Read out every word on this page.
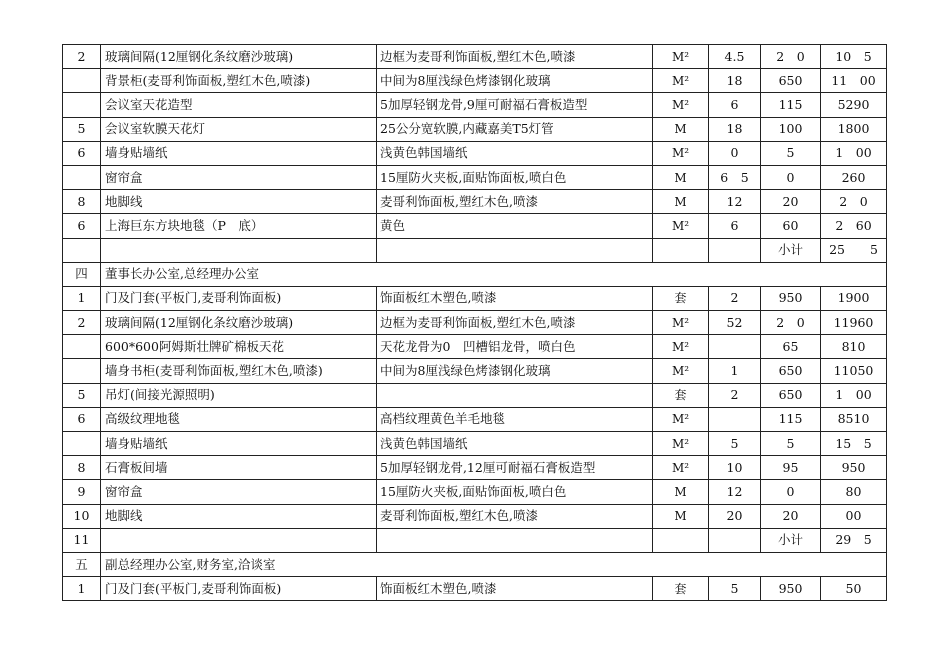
2	玻璃间隔(12厘钢化条纹磨沙玻璃)	边框为麦哥利饰面板,塑红木色,喷漆	M²	4.5	2　0	10　5
	背景柜(麦哥利饰面板,塑红木色,喷漆)	中间为8厘浅绿色烤漆钢化玻璃	M²	18	650	11　00
	会议室天花造型	5加厚轻钢龙骨,9厘可耐福石膏板造型	M²	6	115	5290
5	会议室软膜天花灯	25公分宽软膜,内藏嘉美T5灯管	M	18	100	1800
6	墙身贴墙纸	浅黄色韩国墙纸	M²	0	5	1　00
	窗帘盒	15厘防火夹板,面贴饰面板,喷白色	M	6　5	0	260
8	地脚线	麦哥利饰面板,塑红木色,喷漆	M	12	20	2　0
6	上海巨东方块地毯（P　底）	黄色	M²	6	60	2　60
					小计	25　　5
四	董事长办公室,总经理办公室					
1	门及门套(平板门,麦哥利饰面板)	饰面板红木塑色,喷漆	套	2	950	1900
2	玻璃间隔(12厘钢化条纹磨沙玻璃)	边框为麦哥利饰面板,塑红木色,喷漆	M²	52	2　0	11960
	600*600阿姆斯壮牌矿棉板天花	天花龙骨为0　凹槽铝龙骨，喷白色	M²		65	810
	墙身书柜(麦哥利饰面板,塑红木色,喷漆)	中间为8厘浅绿色烤漆钢化玻璃	M²	1	650	11050
5	吊灯(间接光源照明)		套	2	650	1　00
6	高级纹理地毯	高档纹理黄色羊毛地毯	M²		115	8510
	墙身贴墙纸	浅黄色韩国墙纸	M²	5	5	15　5
8	石膏板间墙	5加厚轻钢龙骨,12厘可耐福石膏板造型	M²	10	95	950
9	窗帘盒	15厘防火夹板,面贴饰面板,喷白色	M	12	0	80
10	地脚线	麦哥利饰面板,塑红木色,喷漆	M	20	20	00
11					小计	29　5
五	副总经理办公室,财务室,洽谈室					
1	门及门套(平板门,麦哥利饰面板)	饰面板红木塑色,喷漆	套	5	950	50
